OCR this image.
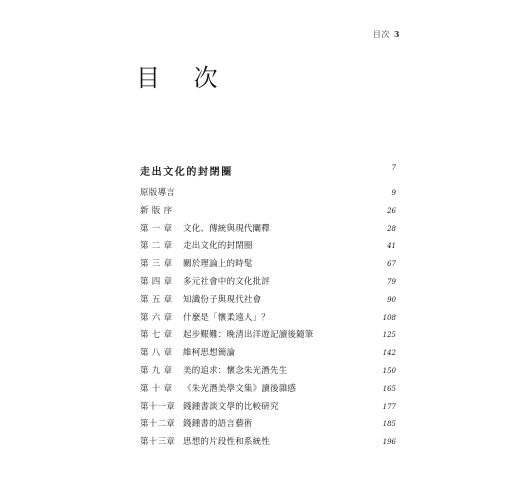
目次 3
目 次
走出文化的封閉圈	7
原版導言	9
新 版 序	26
第 一 章 文化、傳統與現代闡釋	28
第 二 章 走出文化的封閉圈	41
第 三 章 關於理論上的時髦	67
第 四 章 多元社會中的文化批評	79
第 五 章 知識份子與現代社會	90
第 六 章 什麼是「懷柔遠人」？	108
第 七 章 起步艱難：晚清出洋遊記讀後隨筆	125
第 八 章 維柯思想簡論	142
第 九 章 美的追求：懷念朱光潛先生	150
第 十 章 《朱光潛美學文集》讀後雜感	165
第十一章 錢鍾書談文學的比較研究	177
第十二章 錢鍾書的語言藝術	185
第十三章 思想的片段性和系統性	196
